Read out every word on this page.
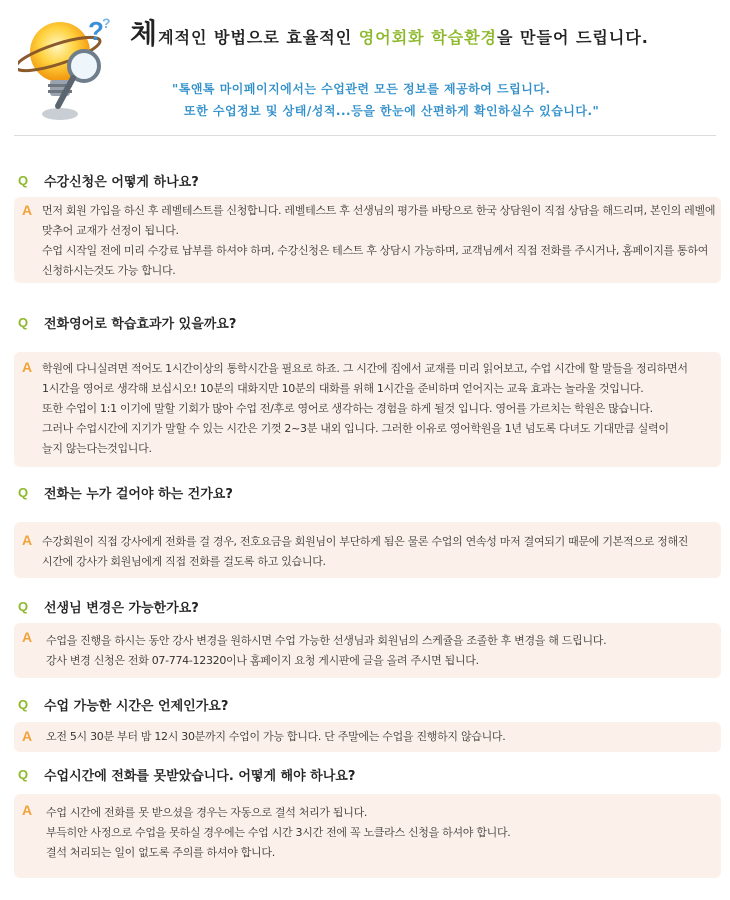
?
? 체계적인 방법으로 효율적인 영어회화 학습환경을 만들어 드립니다.
"톡앤톡 마이페이지에서는 수업관련 모든 정보를 제공하여 드립니다.
또한 수업정보 및 상태/성적...등을 한눈에 산편하게 확인하실수 있습니다."
Q	수강신청은 어떻게 하나요?
A 먼저 회원 가입을 하신 후 레벨테스트를 신청합니다. 레벨테스트 후 선생님의 평가를 바탕으로 한국 상담원이 직접 상담을 해드리며, 본인의 레벨에
맞추어 교재가 선정이 됩니다.
수업 시작일 전에 미리 수강료 납부를 하셔야 하며, 수강신청은 테스트 후 상담시 가능하며, 교객님께서 직접 전화를 주시거나, 홈페이지를 통하여
신청하시는것도 가능 합니다.
Q	전화영어로 학습효과가 있을까요?
A 학원에 다니실려면 적어도 1시간이상의 통학시간을 필요로 하죠. 그 시간에 집에서 교재를 미리 읽어보고, 수업 시간에 할 말들을 정리하면서
1시간을 영어로 생각해 보십시오! 10분의 대화지만 10분의 대화를 위해 1시간을 준비하며 얻어지는 교육 효과는 놀라울 것입니다.
또한 수업이 1:1 이기에 말할 기회가 많아 수업 전/후로 영어로 생각하는 경험을 하게 될것 입니다. 영어를 가르치는 학원은 많습니다.
그러나 수업시간에 지기가 말할 수 있는 시간은 기껏 2~3분 내외 입니다. 그러한 이유로 영어학원을 1년 넘도록 다녀도 기대만큼 실력이
늘지 않는다는것입니다.
Q	전화는 누가 걸어야 하는 건가요?
A 수강회원이 직접 강사에게 전화를 걸 경우, 전호요금을 회원님이 부단하게 됨은 물론 수업의 연속성 마저 결여되기 때문에 기본적으로 정해진
시간에 강사가 회원님에게 직접 전화를 걸도록 하고 있습니다.
Q	선생님 변경은 가능한가요?
A 수업을 진행을 하시는 동안 강사 변경을 원하시면 수업 가능한 선생님과 회원님의 스케쥴을 조졸한 후 변경을 해 드립니다.
강사 변경 신청은 전화 07-774-12320이나 홈페이지 요청 게시판에 글을 올려 주시면 됩니다.
Q	수업 가능한 시간은 언제인가요?
A 오전 5시 30분 부터 밤 12시 30분까지 수업이 가능 합니다. 단 주말에는 수업을 진행하지 않습니다.
Q	수업시간에 전화를 못받았습니다. 어떻게 해야 하나요?
A 수업 시간에 전화를 못 받으셨을 경우는 자동으로 결석 처리가 됩니다.
부득히안 사정으로 수업을 못하실 경우에는 수업 시간 3시간 전에 꼭 노클라스 신청을 하셔야 합니다.
결석 처리되는 일이 없도록 주의를 하셔야 합니다.
